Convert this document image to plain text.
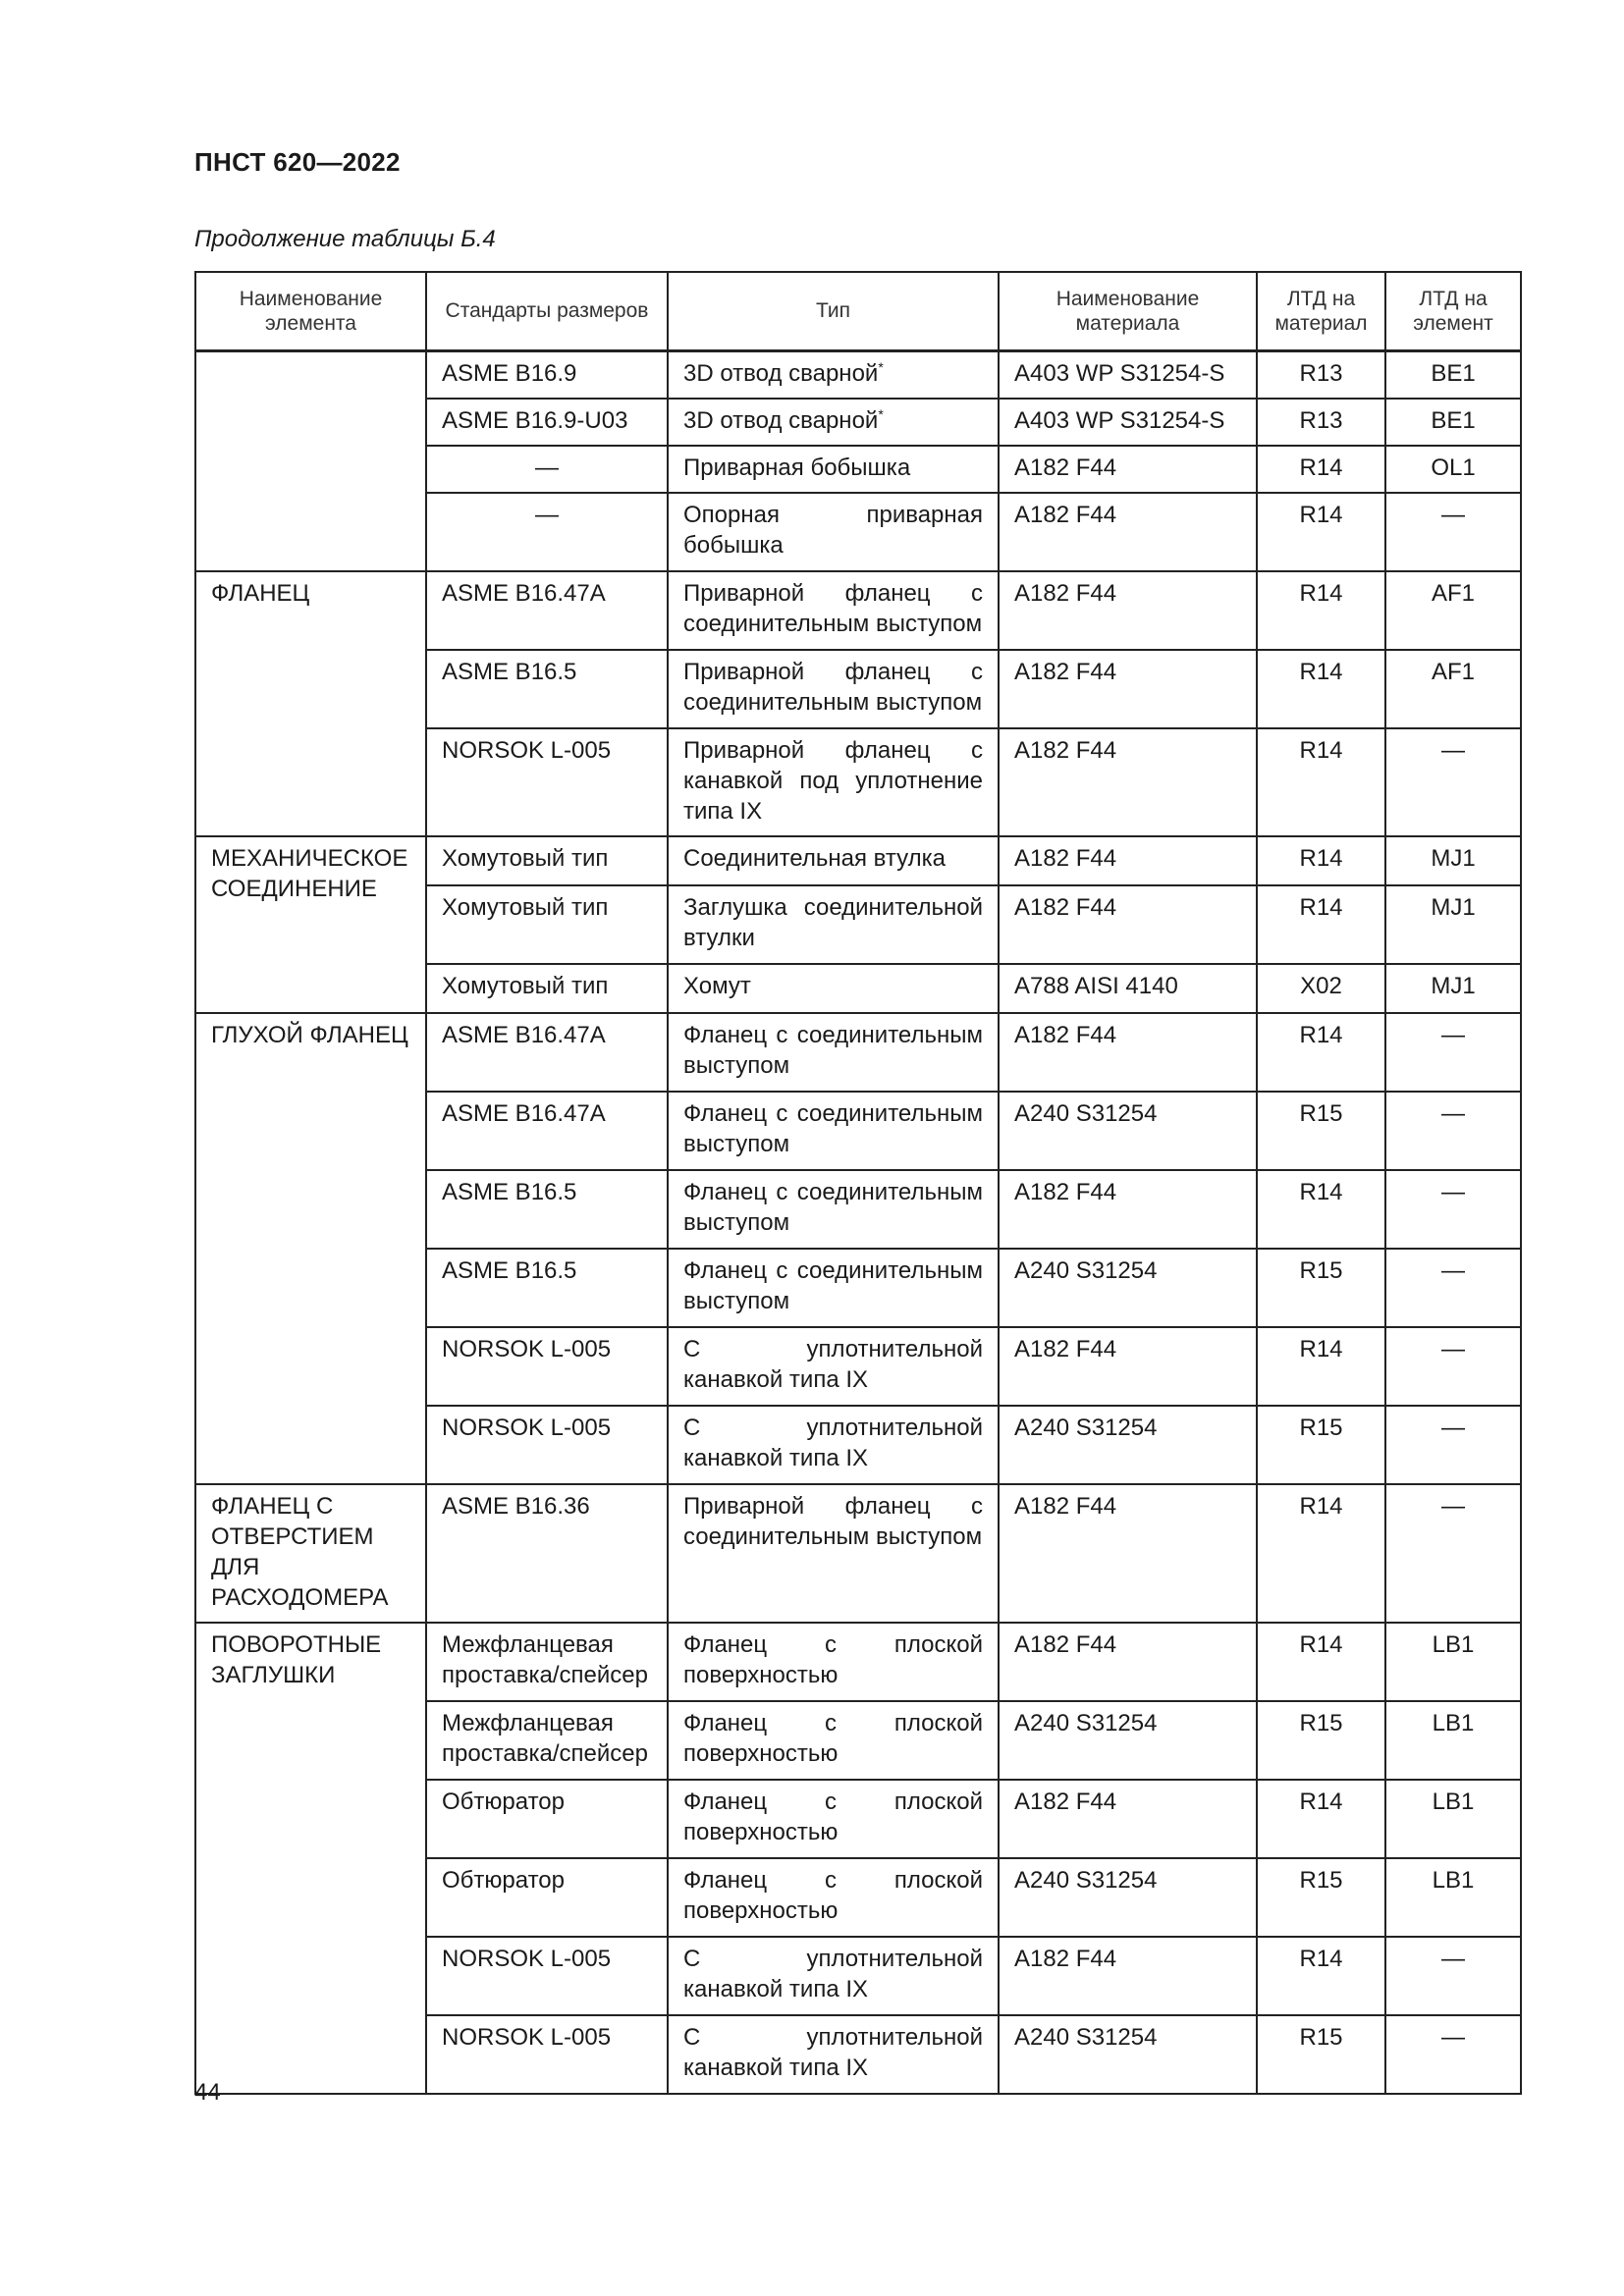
ПНСТ 620—2022
Продолжение таблицы Б.4
Наименование элемента	Стандарты размеров	Тип	Наименование материала	ЛТД на материал	ЛТД на элемент
	ASME B16.9	3D отвод сварной*	A403 WP S31254-S	R13	BE1
	ASME B16.9-U03	3D отвод сварной*	A403 WP S31254-S	R13	BE1
	—	Приварная бобышка	A182 F44	R14	OL1
	—	Опорная приварная бобышка	A182 F44	R14	—
ФЛАНЕЦ	ASME B16.47A	Приварной фланец с соединительным выступом	A182 F44	R14	AF1
	ASME B16.5	Приварной фланец с соединительным выступом	A182 F44	R14	AF1
	NORSOK L-005	Приварной фланец с канавкой под уплотнение типа IX	A182 F44	R14	—
МЕХАНИЧЕСКОЕ СОЕДИНЕНИЕ	Хомутовый тип	Соединительная втулка	A182 F44	R14	MJ1
	Хомутовый тип	Заглушка соединительной втулки	A182 F44	R14	MJ1
	Хомутовый тип	Хомут	A788 AISI 4140	X02	MJ1
ГЛУХОЙ ФЛАНЕЦ	ASME B16.47A	Фланец с соединительным выступом	A182 F44	R14	—
	ASME B16.47A	Фланец с соединительным выступом	A240 S31254	R15	—
	ASME B16.5	Фланец с соединительным выступом	A182 F44	R14	—
	ASME B16.5	Фланец с соединительным выступом	A240 S31254	R15	—
	NORSOK L-005	С уплотнительной канавкой типа IX	A182 F44	R14	—
	NORSOK L-005	С уплотнительной канавкой типа IX	A240 S31254	R15	—
ФЛАНЕЦ С ОТВЕРСТИЕМ ДЛЯ РАСХОДОМЕРА	ASME B16.36	Приварной фланец с соединительным выступом	A182 F44	R14	—
ПОВОРОТНЫЕ ЗАГЛУШКИ	Межфланцевая проставка/спейсер	Фланец с плоской поверхностью	A182 F44	R14	LB1
	Межфланцевая проставка/спейсер	Фланец с плоской поверхностью	A240 S31254	R15	LB1
	Обтюратор	Фланец с плоской поверхностью	A182 F44	R14	LB1
	Обтюратор	Фланец с плоской поверхностью	A240 S31254	R15	LB1
	NORSOK L-005	С уплотнительной канавкой типа IX	A182 F44	R14	—
	NORSOK L-005	С уплотнительной канавкой типа IX	A240 S31254	R15	—
44
